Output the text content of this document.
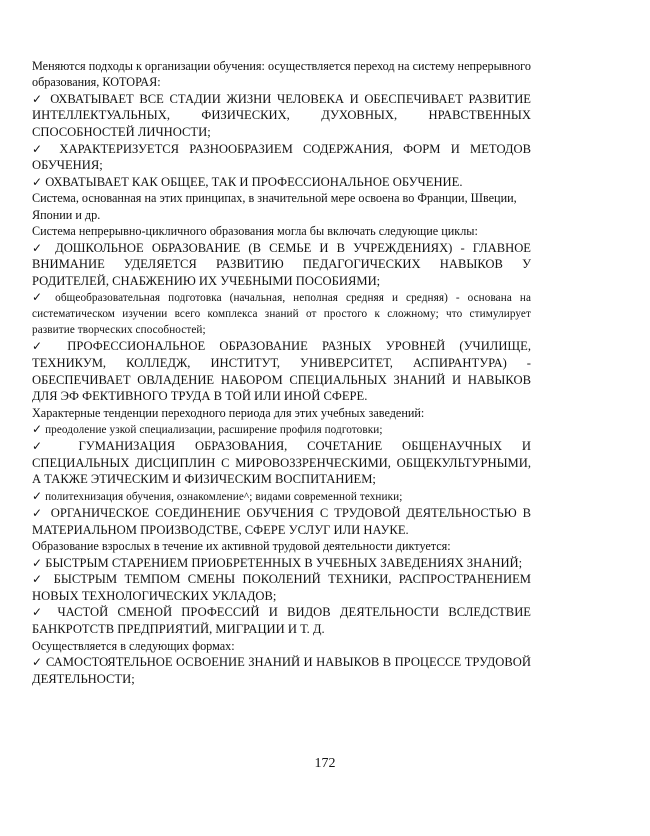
Меняются подходы к организации обучения: осуществляется переход на систему непрерывного образования, КОТОРАЯ:

✓ ОХВАТЫВАЕТ ВСЕ СТАДИИ ЖИЗНИ ЧЕЛОВЕКА И ОБЕСПЕЧИВАЕТ РАЗВИТИЕ ИНТЕЛЛЕКТУАЛЬНЫХ, ФИЗИЧЕСКИХ, ДУХОВНЫХ, НРАВСТВЕННЫХ СПОСОБНОСТЕЙ ЛИЧНОСТИ;

✓ ХАРАКТЕРИЗУЕТСЯ РАЗНООБРАЗИЕМ СОДЕРЖАНИЯ, ФОРМ И МЕТОДОВ ОБУЧЕНИЯ;

✓ ОХВАТЫВАЕТ КАК ОБЩЕЕ, ТАК И ПРОФЕССИОНАЛЬНОЕ ОБУЧЕНИЕ.

Система, основанная на этих принципах, в значительной мере освоена во Франции, Швеции, Японии и др.

Система непрерывно-цикличного образования могла бы включать следующие циклы:

✓ ДОШКОЛЬНОЕ ОБРАЗОВАНИЕ (В СЕМЬЕ И В УЧРЕЖДЕНИЯХ) - ГЛАВНОЕ ВНИМАНИЕ УДЕЛЯЕТСЯ РАЗВИТИЮ ПЕДАГОГИЧЕСКИХ НАВЫКОВ У РОДИТЕЛЕЙ, СНАБЖЕНИЮ ИХ УЧЕБНЫМИ ПОСОБИЯМИ;

✓ общеобразовательная подготовка (начальная, неполная средняя и средняя) - основана на систематическом изучении всего комплекса знаний от простого к сложному; что стимулирует развитие творческих способностей;

✓ ПРОФЕССИОНАЛЬНОЕ ОБРАЗОВАНИЕ РАЗНЫХ УРОВНЕЙ (УЧИЛИЩЕ, ТЕХНИКУМ, КОЛЛЕДЖ, ИНСТИТУТ, УНИВЕРСИТЕТ, АСПИРАНТУРА) - ОБЕСПЕЧИВАЕТ ОВЛАДЕНИЕ НАБОРОМ СПЕЦИАЛЬНЫХ ЗНАНИЙ И НАВЫКОВ ДЛЯ ЭФ ФЕКТИВНОГО ТРУДА В ТОЙ ИЛИ ИНОЙ СФЕРЕ.

Характерные тенденции переходного периода для этих учебных заведений:

✓ преодоление узкой специализации, расширение профиля подготовки;

✓ ГУМАНИЗАЦИЯ ОБРАЗОВАНИЯ, СОЧЕТАНИЕ ОБЩЕНАУЧНЫХ И СПЕЦИАЛЬНЫХ ДИСЦИПЛИН С МИРОВОЗЗРЕНЧЕСКИМИ, ОБЩЕКУЛЬТУРНЫМИ, А ТАКЖЕ ЭТИЧЕСКИМ И ФИЗИЧЕСКИМ ВОСПИТАНИЕМ;

✓ политехнизация обучения, ознакомление^; видами современной техники;

✓ ОРГАНИЧЕСКОЕ СОЕДИНЕНИЕ ОБУЧЕНИЯ С ТРУДОВОЙ ДЕЯТЕЛЬНОСТЬЮ В МАТЕРИАЛЬНОМ ПРОИЗВОДСТВЕ, СФЕРЕ УСЛУГ ИЛИ НАУКЕ.

Образование взрослых в течение их активной трудовой деятельности диктуется:

✓ БЫСТРЫМ СТАРЕНИЕМ ПРИОБРЕТЕННЫХ В УЧЕБНЫХ ЗАВЕДЕНИЯХ ЗНАНИЙ;

✓ БЫСТРЫМ ТЕМПОМ СМЕНЫ ПОКОЛЕНИЙ ТЕХНИКИ, РАСПРОСТРАНЕНИЕМ НОВЫХ ТЕХНОЛОГИЧЕСКИХ УКЛАДОВ;

✓ ЧАСТОЙ СМЕНОЙ ПРОФЕССИЙ И ВИДОВ ДЕЯТЕЛЬНОСТИ ВСЛЕДСТВИЕ БАНКРОТСТВ ПРЕДПРИЯТИЙ, МИГРАЦИИ И Т. Д.

Осуществляется в следующих формах:

✓ САМОСТОЯТЕЛЬНОЕ ОСВОЕНИЕ ЗНАНИЙ И НАВЫКОВ В ПРОЦЕССЕ ТРУДОВОЙ ДЕЯТЕЛЬНОСТИ;

172
